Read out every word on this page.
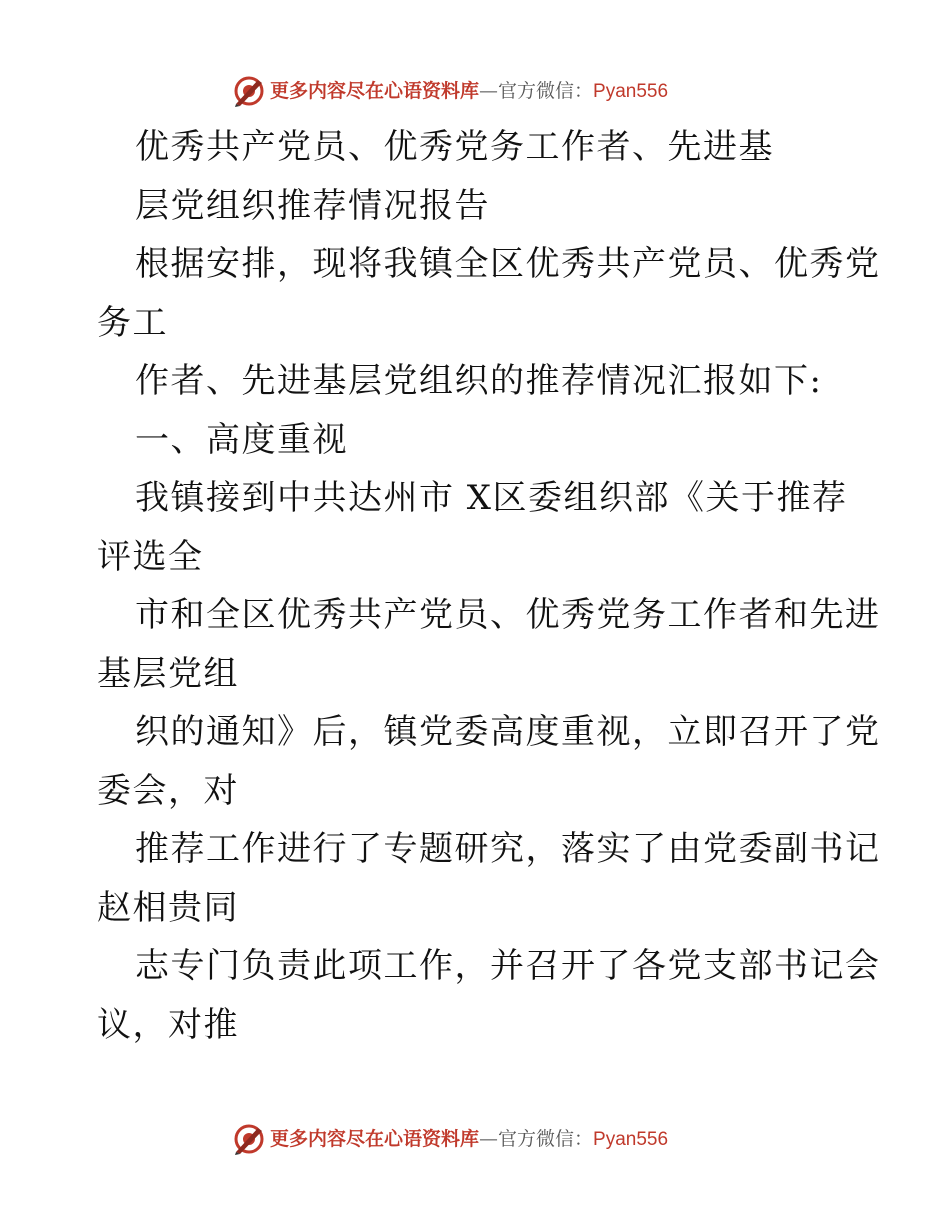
更多内容尽在心语资料库—官方微信：Pyan556
优秀共产党员、优秀党务工作者、先进基
层党组织推荐情况报告
根据安排，现将我镇全区优秀共产党员、优秀党
务工
作者、先进基层党组织的推荐情况汇报如下:
一、高度重视
我镇接到中共达州市 X区委组织部《关于推荐
评选全
市和全区优秀共产党员、优秀党务工作者和先进
基层党组
织的通知》后，镇党委高度重视，立即召开了党
委会，对
推荐工作进行了专题研究，落实了由党委副书记
赵相贵同
志专门负责此项工作，并召开了各党支部书记会
议，对推
更多内容尽在心语资料库—官方微信：Pyan556
